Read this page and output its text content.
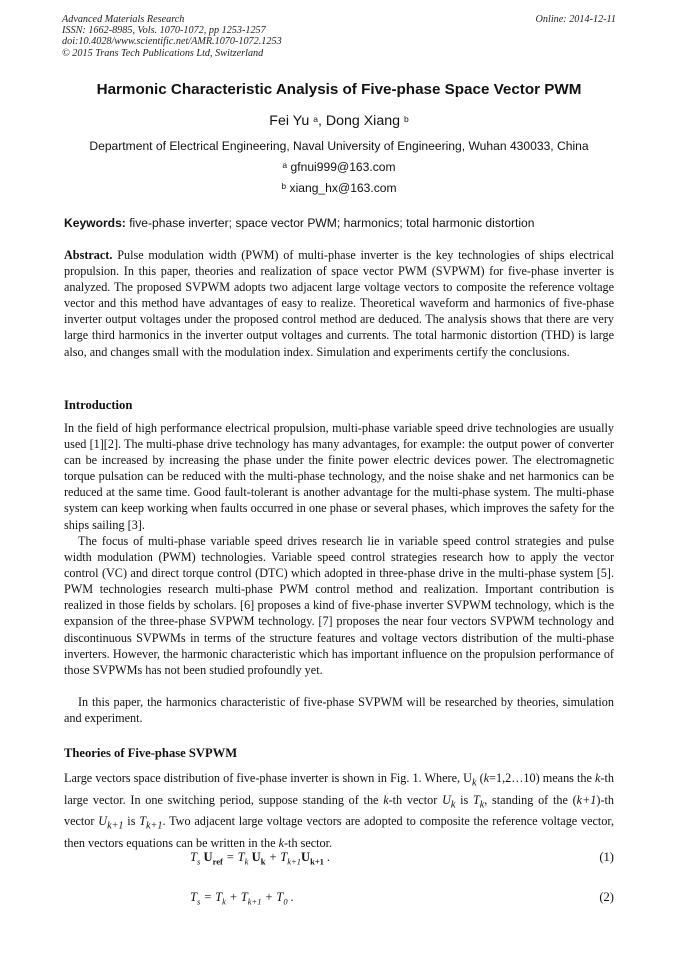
Advanced Materials Research
ISSN: 1662-8985, Vols. 1070-1072, pp 1253-1257
doi:10.4028/www.scientific.net/AMR.1070-1072.1253
© 2015 Trans Tech Publications Ltd, Switzerland
Online: 2014-12-11
Harmonic Characteristic Analysis of Five-phase Space Vector PWM
Fei Yu $^a$, Dong Xiang $^b$
Department of Electrical Engineering, Naval University of Engineering, Wuhan 430033, China
$^a$ gfnui999@163.com
$^b$ xiang_hx@163.com
Keywords: five-phase inverter; space vector PWM; harmonics; total harmonic distortion
Abstract. Pulse modulation width (PWM) of multi-phase inverter is the key technologies of ships electrical propulsion. In this paper, theories and realization of space vector PWM (SVPWM) for five-phase inverter is analyzed. The proposed SVPWM adopts two adjacent large voltage vectors to composite the reference voltage vector and this method have advantages of easy to realize. Theoretical waveform and harmonics of five-phase inverter output voltages under the proposed control method are deduced. The analysis shows that there are very large third harmonics in the inverter output voltages and currents. The total harmonic distortion (THD) is large also, and changes small with the modulation index. Simulation and experiments certify the conclusions.
Introduction
In the field of high performance electrical propulsion, multi-phase variable speed drive technologies are usually used [1][2]. The multi-phase drive technology has many advantages, for example: the output power of converter can be increased by increasing the phase under the finite power electric devices power. The electromagnetic torque pulsation can be reduced with the multi-phase technology, and the noise shake and net harmonics can be reduced at the same time. Good fault-tolerant is another advantage for the multi-phase system. The multi-phase system can keep working when faults occurred in one phase or several phases, which improves the safety for the ships sailing [3].
The focus of multi-phase variable speed drives research lie in variable speed control strategies and pulse width modulation (PWM) technologies. Variable speed control strategies research how to apply the vector control (VC) and direct torque control (DTC) which adopted in three-phase drive in the multi-phase system [5]. PWM technologies research multi-phase PWM control method and realization. Important contribution is realized in those fields by scholars. [6] proposes a kind of five-phase inverter SVPWM technology, which is the expansion of the three-phase SVPWM technology. [7] proposes the near four vectors SVPWM technology and discontinuous SVPWMs in terms of the structure features and voltage vectors distribution of the multi-phase inverters. However, the harmonic characteristic which has important influence on the propulsion performance of those SVPWMs has not been studied profoundly yet.
In this paper, the harmonics characteristic of five-phase SVPWM will be researched by theories, simulation and experiment.
Theories of Five-phase SVPWM
Large vectors space distribution of five-phase inverter is shown in Fig. 1. Where, $U_k$ (k=1,2…10) means the k-th large vector. In one switching period, suppose standing of the k-th vector $U_k$ is $T_k$, standing of the (k+1)-th vector $U_{k+1}$ is $T_{k+1}$. Two adjacent large voltage vectors are adopted to composite the reference voltage vector, then vectors equations can be written in the k-th sector.
$T_s$ $U_{ref} = T_k$ $U_k + T_{k+1}U_{k+1}$ .	(1)
$T_s = T_k + T_{k+1} + T_0$ .	(2)
